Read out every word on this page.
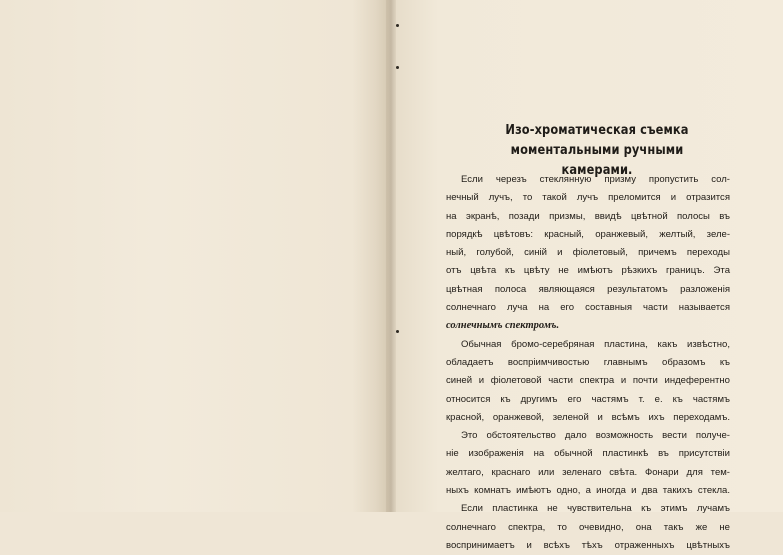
Изо-хроматическая съемка моментальными ручными
камерами.
Если черезъ стеклянную призму пропустить сол-
нечный лучъ, то такой лучъ преломится и отразится
на экранѣ, позади призмы, ввидѣ цвѣтной полосы въ
порядкѣ цвѣтовъ: красный, оранжевый, желтый, зеле-
ный, голубой, синій и фіолетовый, причемъ переходы
отъ цвѣта къ цвѣту не имѣютъ рѣзкихъ границъ. Эта
цвѣтная полоса являющаяся результатомъ разложенія
солнечнаго луча на его составныя части называется
солнечнымъ спектромъ.
Обычная бромо-серебряная пластина, какъ извѣстно,
обладаетъ воспріимчивостью главнымъ образомъ къ
синей и фіолетовой части спектра и почти индеферентно
относится къ другимъ его частямъ т. е. къ частямъ
красной, оранжевой, зеленой и всѣмъ ихъ переходамъ.
Это обстоятельство дало возможность вести получе-
ніе изображенія на обычной пластинкѣ въ присутствіи
желтаго, краснаго или зеленаго свѣта. Фонари для тем-
ныхъ комнатъ имѣютъ одно, а иногда и два такихъ стекла.
Если пластинка не чувствительна къ этимъ лучамъ
солнечнаго спектра, то очевидно, она такъ же не
воспринимаетъ и всѣхъ тѣхъ отраженныхъ цвѣтныхъ
